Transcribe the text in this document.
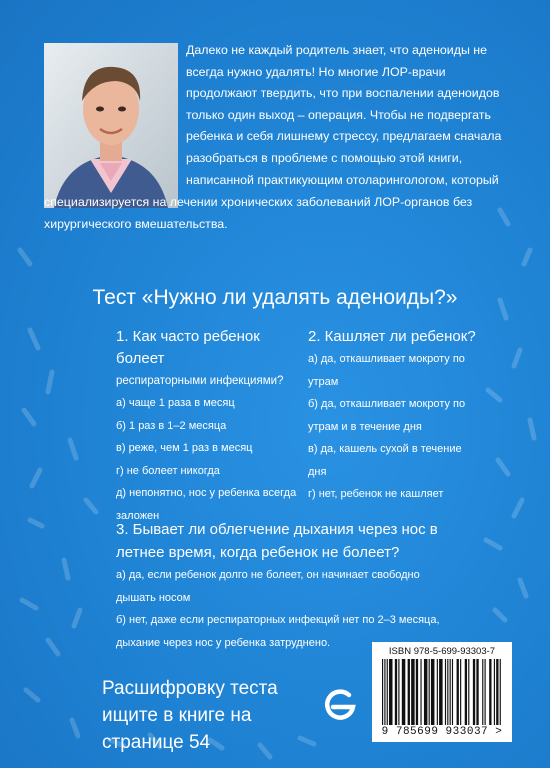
Далеко не каждый родитель знает, что аденоиды не всегда нужно удалять! Но многие ЛОР-врачи продолжают твердить, что при воспалении аденоидов только один выход – операция. Чтобы не подвергать ребенка и себя лишнему стрессу, предлагаем сначала разобраться в проблеме с помощью этой книги, написанной практикующим отоларингологом, который

специализируется на лечении хронических заболеваний ЛОР-органов без хирургического вмешательства.

Тест «Нужно ли удалять аденоиды?»
1. Как часто ребенок болеет
респираторными инфекциями?
а) чаще 1 раза в месяц
б) 1 раз в 1–2 месяца
в) реже, чем 1 раз в месяц
г) не болеет никогда
д) непонятно, нос у ребенка всегда заложен
2. Кашляет ли ребенок?
а) да, откашливает мокроту по утрам
б) да, откашливает мокроту по утрам и в течение дня
в) да, кашель сухой в течение дня
г) нет, ребенок не кашляет
3. Бывает ли облегчение дыхания через нос в летнее время, когда ребенок не болеет?
а) да, если ребенок долго не болеет, он начинает свободно дышать носом
б) нет, даже если респираторных инфекций нет по 2–3 месяца, дыхание через нос у ребенка затруднено.

Расшифровку теста ищите в книге на странице 54

ISBN 978-5-699-93303-7
9 785699 933037 >
